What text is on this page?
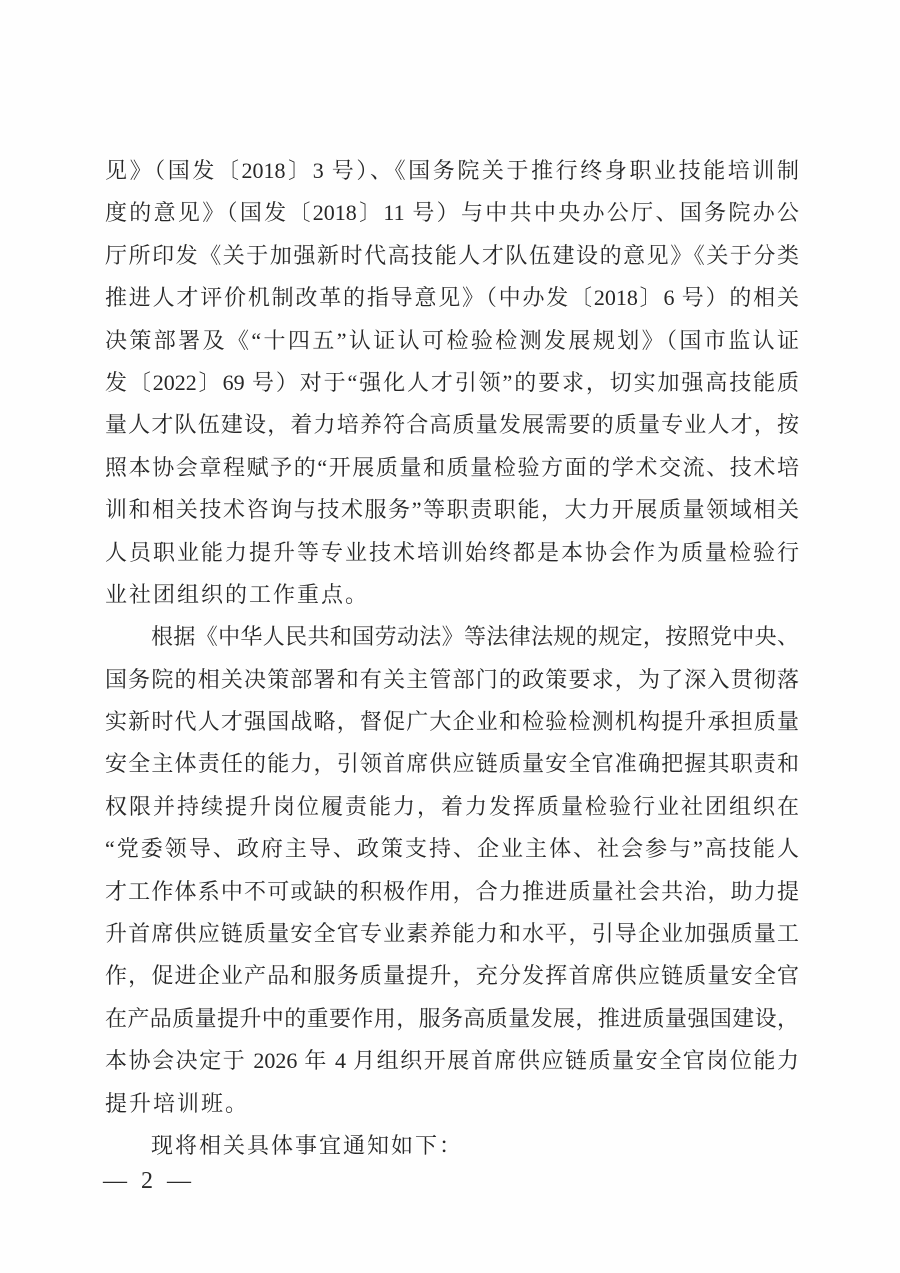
见》（国发〔2018〕3 号）、《国务院关于推行终身职业技能培训制
度的意见》（国发〔2018〕11 号）与中共中央办公厅、国务院办公
厅所印发《关于加强新时代高技能人才队伍建设的意见》《关于分类
推进人才评价机制改革的指导意见》（中办发〔2018〕6 号）的相关
决策部署及《“十四五”认证认可检验检测发展规划》（国市监认证
发〔2022〕69 号）对于“强化人才引领”的要求，切实加强高技能质
量人才队伍建设，着力培养符合高质量发展需要的质量专业人才，按
照本协会章程赋予的“开展质量和质量检验方面的学术交流、技术培
训和相关技术咨询与技术服务”等职责职能，大力开展质量领域相关
人员职业能力提升等专业技术培训始终都是本协会作为质量检验行
业社团组织的工作重点。
根据《中华人民共和国劳动法》等法律法规的规定，按照党中央、
国务院的相关决策部署和有关主管部门的政策要求，为了深入贯彻落
实新时代人才强国战略，督促广大企业和检验检测机构提升承担质量
安全主体责任的能力，引领首席供应链质量安全官准确把握其职责和
权限并持续提升岗位履责能力，着力发挥质量检验行业社团组织在
“党委领导、政府主导、政策支持、企业主体、社会参与”高技能人
才工作体系中不可或缺的积极作用，合力推进质量社会共治，助力提
升首席供应链质量安全官专业素养能力和水平，引导企业加强质量工
作，促进企业产品和服务质量提升，充分发挥首席供应链质量安全官
在产品质量提升中的重要作用，服务高质量发展，推进质量强国建设，
本协会决定于 2026 年 4 月组织开展首席供应链质量安全官岗位能力
提升培训班。
现将相关具体事宜通知如下：
— 2 —
